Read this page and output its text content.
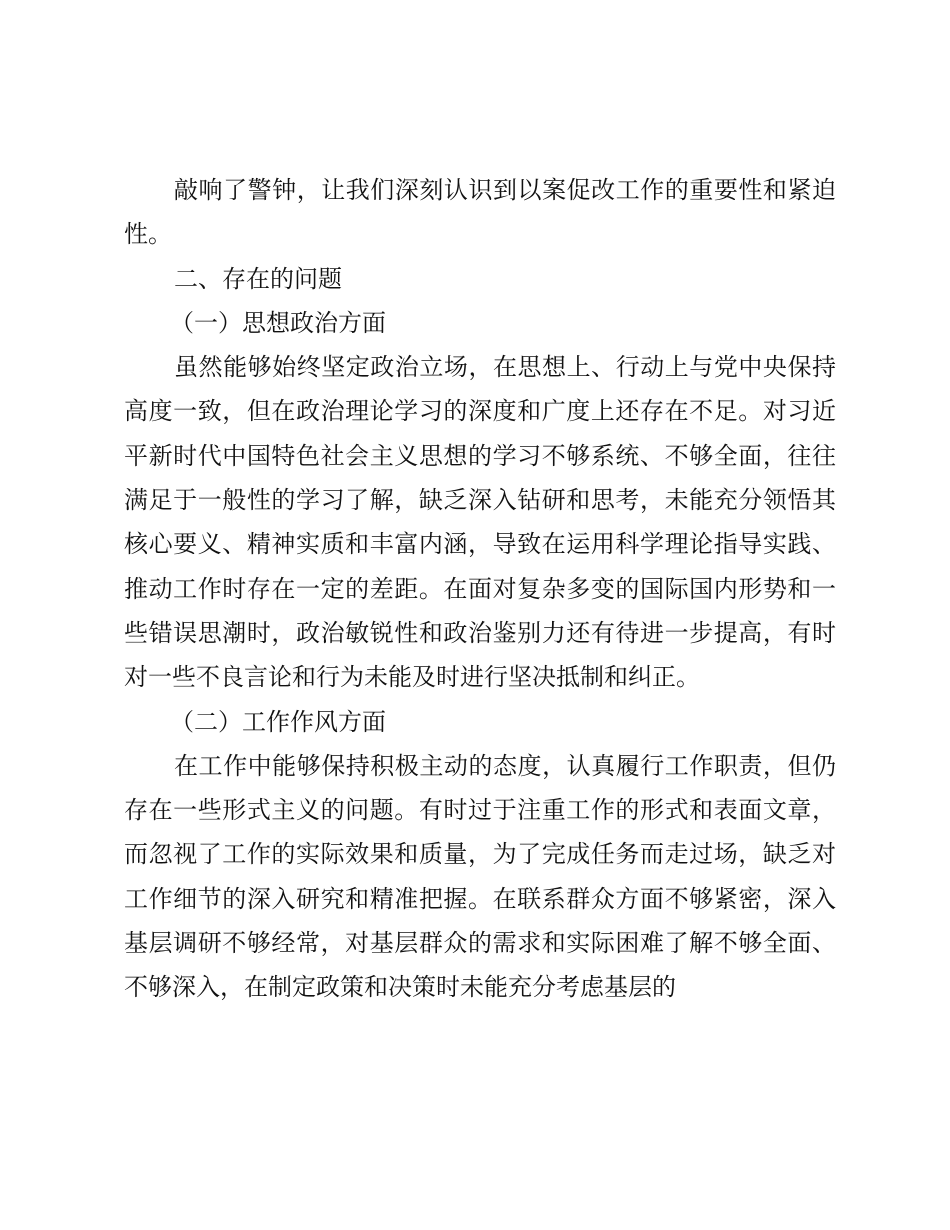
敲响了警钟，让我们深刻认识到以案促改工作的重要性和紧迫性。

二、存在的问题

（一）思想政治方面

虽然能够始终坚定政治立场，在思想上、行动上与党中央保持高度一致，但在政治理论学习的深度和广度上还存在不足。对习近平新时代中国特色社会主义思想的学习不够系统、不够全面，往往满足于一般性的学习了解，缺乏深入钻研和思考，未能充分领悟其核心要义、精神实质和丰富内涵，导致在运用科学理论指导实践、推动工作时存在一定的差距。在面对复杂多变的国际国内形势和一些错误思潮时，政治敏锐性和政治鉴别力还有待进一步提高，有时对一些不良言论和行为未能及时进行坚决抵制和纠正。

（二）工作作风方面

在工作中能够保持积极主动的态度，认真履行工作职责，但仍存在一些形式主义的问题。有时过于注重工作的形式和表面文章，而忽视了工作的实际效果和质量，为了完成任务而走过场，缺乏对工作细节的深入研究和精准把握。在联系群众方面不够紧密，深入基层调研不够经常，对基层群众的需求和实际困难了解不够全面、不够深入，在制定政策和决策时未能充分考虑基层的
